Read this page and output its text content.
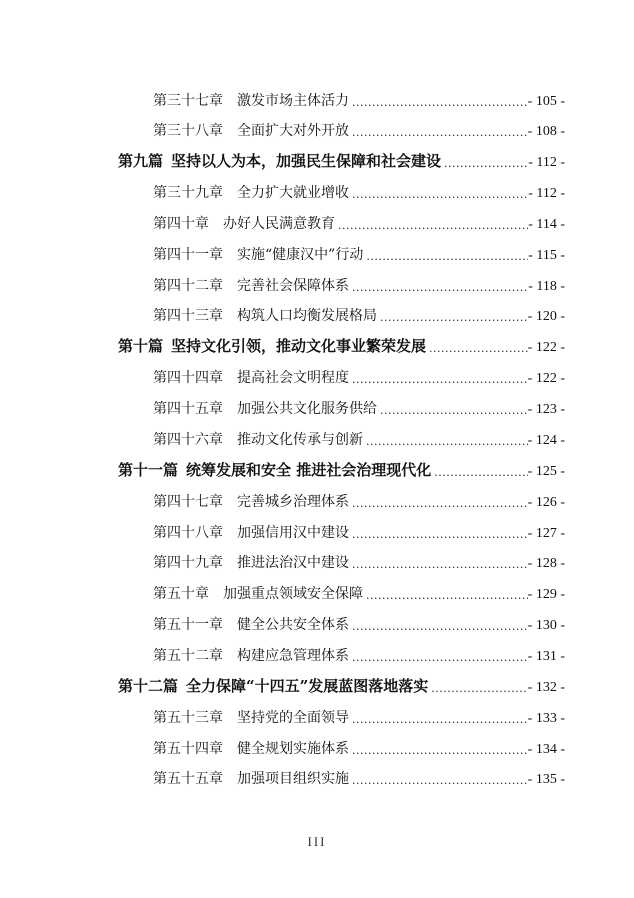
第三十七章 激发市场主体活力 .....	- 105 -
第三十八章 全面扩大对外开放 .....	- 108 -
第九篇 坚持以人为本，加强民生保障和社会建设 .....	- 112 -
第三十九章 全力扩大就业增收 .....	- 112 -
第四十章 办好人民满意教育 .....	- 114 -
第四十一章 实施“健康汉中”行动 .....	- 115 -
第四十二章 完善社会保障体系 .....	- 118 -
第四十三章 构筑人口均衡发展格局 .....	- 120 -
第十篇 坚持文化引领，推动文化事业繁荣发展 .....	- 122 -
第四十四章 提高社会文明程度 .....	- 122 -
第四十五章 加强公共文化服务供给 .....	- 123 -
第四十六章 推动文化传承与创新 .....	- 124 -
第十一篇 统筹发展和安全 推进社会治理现代化 .....	- 125 -
第四十七章 完善城乡治理体系 .....	- 126 -
第四十八章 加强信用汉中建设 .....	- 127 -
第四十九章 推进法治汉中建设 .....	- 128 -
第五十章 加强重点领域安全保障 .....	- 129 -
第五十一章 健全公共安全体系 .....	- 130 -
第五十二章 构建应急管理体系 .....	- 131 -
第十二篇 全力保障“十四五”发展蓝图落地落实 .....	- 132 -
第五十三章 坚持党的全面领导 .....	- 133 -
第五十四章 健全规划实施体系 .....	- 134 -
第五十五章 加强项目组织实施 .....	- 135 -
III
